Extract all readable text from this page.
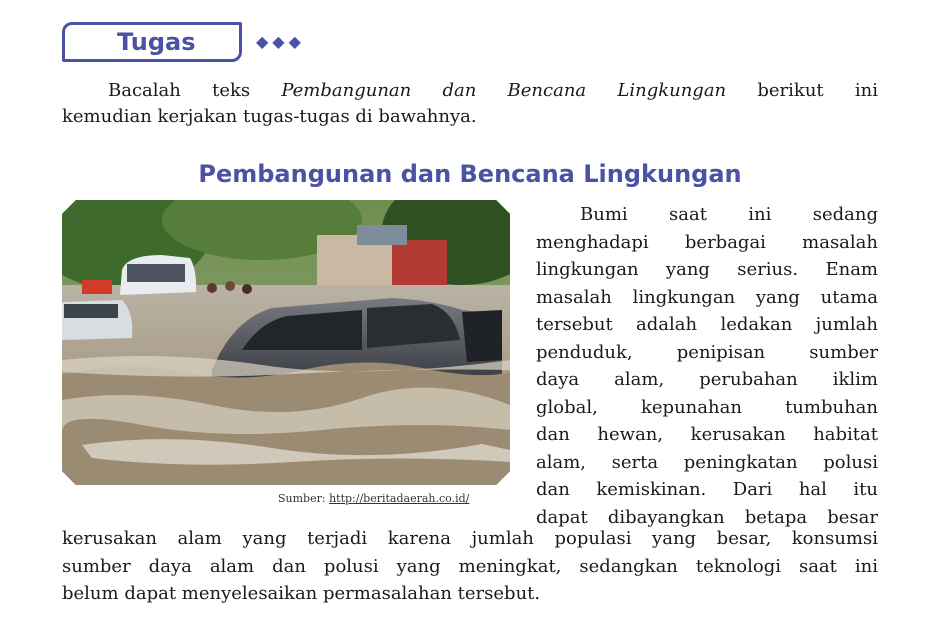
Tugas	◆◆◆
Bacalah teks Pembangunan dan Bencana Lingkungan berikut ini
kemudian kerjakan tugas-tugas di bawahnya.
Pembangunan dan Bencana Lingkungan
Sumber: http://beritadaerah.co.id/
Bumi saat ini sedang
menghadapi berbagai masalah
lingkungan yang serius. Enam
masalah lingkungan yang utama
tersebut adalah ledakan jumlah
penduduk, penipisan sumber
daya alam, perubahan iklim
global, kepunahan tumbuhan
dan hewan, kerusakan habitat
alam, serta peningkatan polusi
dan kemiskinan. Dari hal itu
dapat dibayangkan betapa besar
kerusakan alam yang terjadi karena jumlah populasi yang besar, konsumsi
sumber daya alam dan polusi yang meningkat, sedangkan teknologi saat ini
belum dapat menyelesaikan permasalahan tersebut.
